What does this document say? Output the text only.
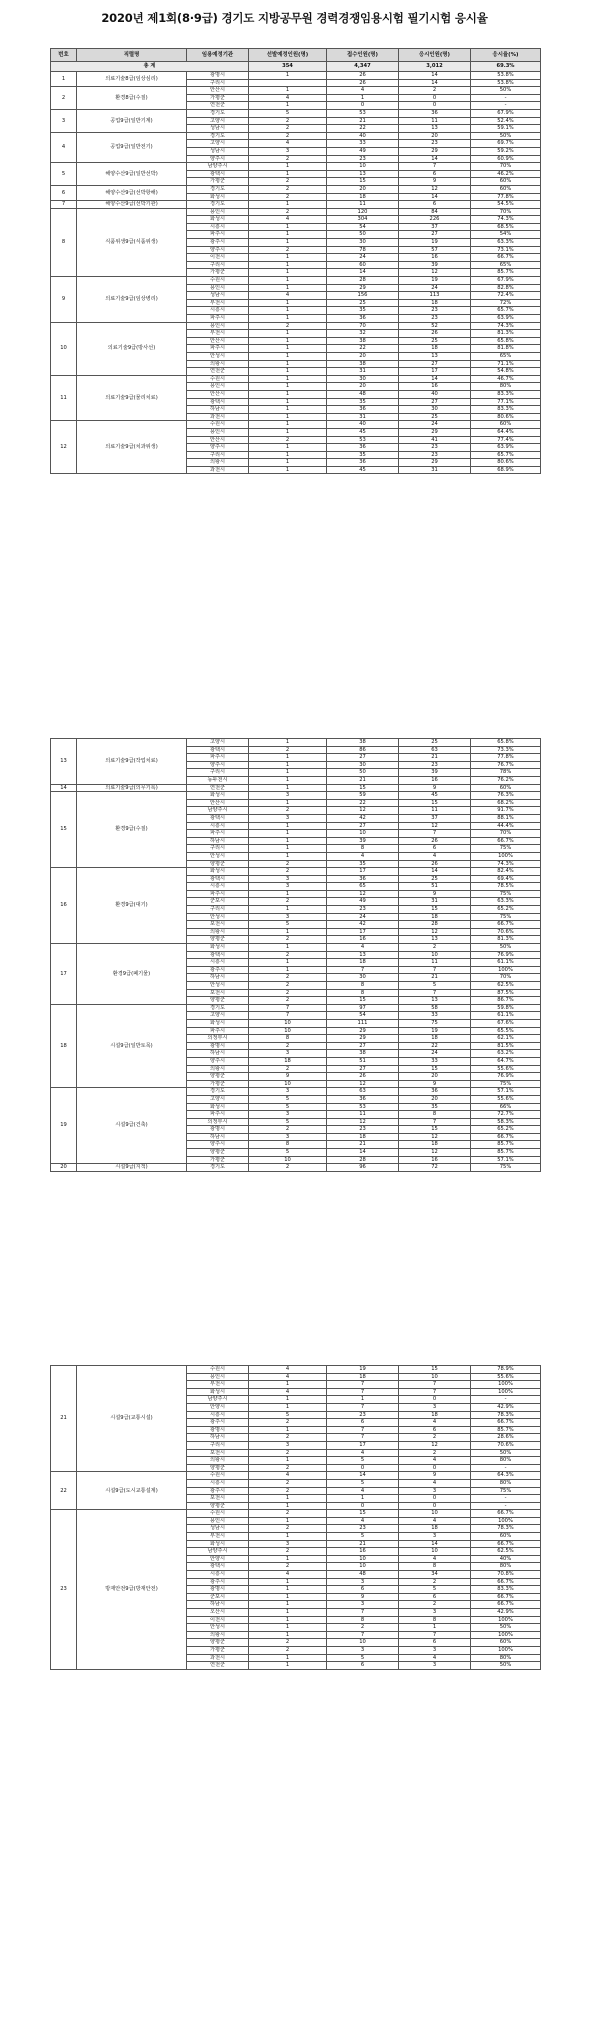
2020년 제1회(8·9급) 경기도 지방공무원 경력경쟁임용시험 필기시험 응시율
번호	직렬명	임용예정기관	선발예정인원(명)	접수인원(명)	응시인원(명)	응시율(%)
총 계			354	4,347	3,012	69.3%
1	의료기술8급(임상심리)	광명시	1	26	14	53.8%
		구리시		26	14	53.8%
2	환경8급(수질)	안산시	1	4	2	50%
		가평군	4	1	0	-
		연천군	1	0	0	-
3	공업9급(일반기계)	경기도	5	53	36	67.9%
		고양시	2	21	11	52.4%
		성남시	2	22	13	59.1%
4	공업9급(일반전기)	경기도	2	40	20	50%
		고양시	4	33	23	69.7%
		성남시	3	49	29	59.2%
		양주시	2	23	14	60.9%
5	해양수산9급(일반선박)	남양주시	1	10	7	70%
		광택시	1	13	6	46.2%
		가평군	2	15	9	60%
6	해양수산9급(선박항해)	경기도	2	20	12	60%
		화성시	2	18	14	77.8%
7	해양수산9급(선박기관)	경기도	1	11	6	54.5%
8	식품위생9급(식품위생)	용인시	2	120	84	70%
		화성시	4	304	226	74.3%
		시흥시	1	54	37	68.5%
		파주시	1	50	27	54%
		광주시	1	30	19	63.3%
		양주시	2	78	57	73.1%
		이천시	1	24	16	66.7%
		구리시	1	60	39	65%
		가평군	1	14	12	85.7%
9	의료기술9급(임상병리)	수원시	1	28	19	67.9%
		용인시	1	29	24	82.8%
		성남시	4	156	113	72.4%
		부천시	1	25	18	72%
		시흥시	1	35	23	65.7%
		파주시	1	36	23	63.9%
10	의료기술9급(방사선)	용인시	2	70	52	74.3%
		부천시	1	32	26	81.3%
		안산시	1	38	25	65.8%
		파주시	1	22	18	81.8%
		안성시	1	20	13	65%
		의왕시	1	38	27	71.1%
		연천군	1	31	17	54.8%
11	의료기술9급(물리치료)	수원시	1	30	14	46.7%
		용인시	1	20	16	80%
		안산시	1	48	40	83.3%
		광택시	1	35	27	77.1%
		하남시	1	36	30	83.3%
		과천시	1	31	25	80.6%
12	의료기술9급(치과위생)	수원시	1	40	24	60%
		용인시	1	45	29	64.4%
		안산시	2	53	41	77.4%
		양주시	1	36	23	63.9%
		구리시	1	35	23	65.7%
		의왕시	1	36	29	80.6%
		과천시	1	45	31	68.9%
13	의료기술9급(작업치료)	고양시	1	38	25	65.8%
		광택시	2	86	63	73.3%
		파주시	1	27	21	77.8%
		양주시	1	30	23	76.7%
		구리시	1	50	39	78%
		동두천시	1	21	16	76.2%
14	의료기술9급(의무기록)	연천군	1	15	9	60%
15	환경9급(수질)	화성시	3	59	45	76.3%
		안산시	1	22	15	68.2%
		남양주시	2	12	11	91.7%
		광택시	3	42	37	88.1%
		시흥시	1	27	12	44.4%
		파주시	1	10	7	70%
		하남시	1	39	26	66.7%
		구리시	1	8	6	75%
		안성시	1	4	4	100%
		양평군	2	35	26	74.3%
16	환경9급(대기)	화성시	2	17	14	82.4%
		광택시	3	36	25	69.4%
		시흥시	3	65	51	78.5%
		파주시	1	12	9	75%
		군포시	2	49	31	63.3%
		구리시	1	23	15	65.2%
		안성시	3	24	18	75%
		포천시	5	42	28	66.7%
		의왕시	1	17	12	70.6%
		양평군	2	16	13	81.3%
17	환경9급(폐기물)	화성시	1	4	2	50%
		광택시	2	13	10	76.9%
		시흥시	1	18	11	61.1%
		광주시	1	7	7	100%
		하남시	2	30	21	70%
		안성시	2	8	5	62.5%
		포천시	2	8	7	87.5%
		양평군	2	15	13	86.7%
18	시설9급(일반토목)	경기도	7	97	58	59.8%
		고양시	7	54	33	61.1%
		화성시	10	111	75	67.6%
		파주시	10	29	19	65.5%
		의정부시	8	29	18	62.1%
		광명시	2	27	22	81.5%
		하남시	3	38	24	63.2%
		양주시	18	51	33	64.7%
		의왕시	2	27	15	55.6%
		양평군	9	26	20	76.9%
		가평군	10	12	9	75%
19	시설9급(건축)	경기도	3	63	36	57.1%
		고양시	5	36	20	55.6%
		화성시	5	53	35	66%
		파주시	3	11	8	72.7%
		의정부시	5	12	7	58.3%
		광명시	2	23	15	65.2%
		하남시	3	18	12	66.7%
		양주시	8	21	18	85.7%
		양평군	5	14	12	85.7%
		가평군	10	28	16	57.1%
20	시설9급(지적)	경기도	2	96	72	75%
21	시설9급(교통시설)	수원시	4	19	15	78.9%
		용인시	4	18	10	55.6%
		부천시	1	7	7	100%
		화성시	4	7	7	100%
		남양주시	1	1	0	-
		안양시	1	7	3	42.9%
		시흥시	5	23	18	78.3%
		광주시	2	6	4	66.7%
		광명시	1	7	6	85.7%
		하남시	2	7	2	28.6%
		구리시	3	17	12	70.6%
		포천시	2	4	2	50%
		의왕시	1	5	4	80%
		양평군	2	0	0	-
22	시설9급(도시교통설계)	수원시	4	14	9	64.3%
		시흥시	2	5	4	80%
		광주시	2	4	3	75%
		포천시	1	1	0	-
		양평군	1	0	0	-
23	방재안전9급(방재안전)	수원시	2	15	10	66.7%
		용인시	1	4	4	100%
		성남시	2	23	18	78.3%
		부천시	1	5	3	60%
		화성시	3	21	14	66.7%
		남양주시	2	16	10	62.5%
		안양시	1	10	4	40%
		광택시	2	10	8	80%
		시흥시	4	48	34	70.8%
		광주시	1	3	2	66.7%
		광명시	1	6	5	83.3%
		군포시	1	9	6	66.7%
		하남시	1	3	2	66.7%
		오산시	1	7	3	42.9%
		이천시	1	8	8	100%
		안성시	1	2	1	50%
		의왕시	1	7	7	100%
		양평군	2	10	6	60%
		가평군	2	3	3	100%
		과천시	1	5	4	80%
		연천군	1	6	3	50%
